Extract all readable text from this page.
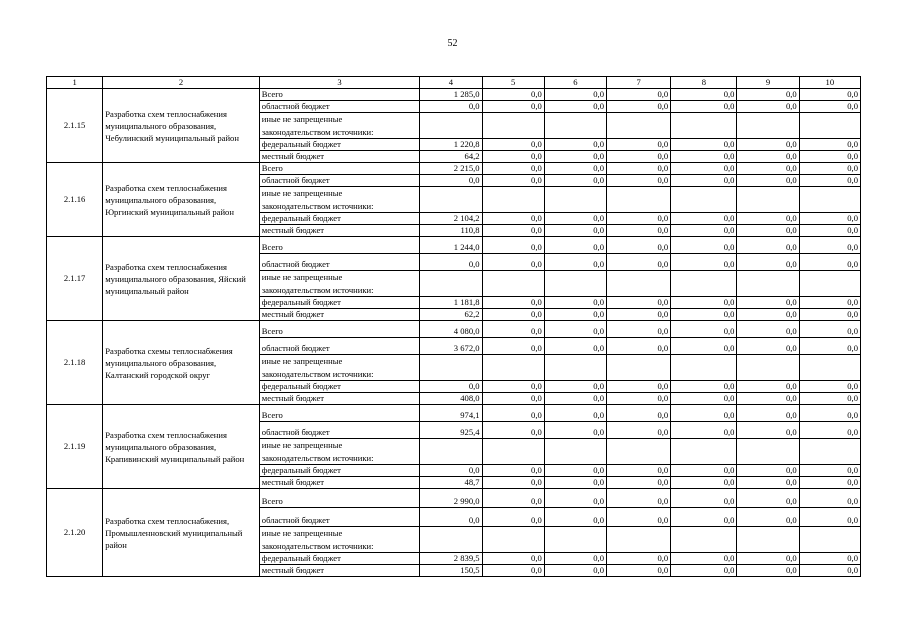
52
1	2	3	4	5	6	7	8	9	10
2.1.15	Разработка схем теплоснабжения муниципального образования, Чебулинский муниципальный район	Всего	1 285,0	0,0	0,0	0,0	0,0	0,0	0,0
		областной бюджет	0,0	0,0	0,0	0,0	0,0	0,0	0,0

		иные не запрещенные
законодательством источники:							

		федеральный бюджет	1 220,8	0,0	0,0	0,0	0,0	0,0	0,0
		местный бюджет	64,2	0,0	0,0	0,0	0,0	0,0	0,0
2.1.16	Разработка схем теплоснабжения муниципального образования, Юргинский муниципальный район	Всего	2 215,0	0,0	0,0	0,0	0,0	0,0	0,0
		областной бюджет	0,0	0,0	0,0	0,0	0,0	0,0	0,0

		иные не запрещенные
законодательством источники:							

		федеральный бюджет	2 104,2	0,0	0,0	0,0	0,0	0,0	0,0
		местный бюджет	110,8	0,0	0,0	0,0	0,0	0,0	0,0
2.1.17	Разработка схем теплоснабжения муниципального образования, Яйский муниципальный район	Всего	1 244,0	0,0	0,0	0,0	0,0	0,0	0,0
		областной бюджет	0,0	0,0	0,0	0,0	0,0	0,0	0,0

		иные не запрещенные
законодательством источники:							

		федеральный бюджет	1 181,8	0,0	0,0	0,0	0,0	0,0	0,0
		местный бюджет	62,2	0,0	0,0	0,0	0,0	0,0	0,0
2.1.18	Разработка схемы теплоснабжения муниципального образования, Калтанский городской округ	Всего	4 080,0	0,0	0,0	0,0	0,0	0,0	0,0
		областной бюджет	3 672,0	0,0	0,0	0,0	0,0	0,0	0,0

		иные не запрещенные
законодательством источники:							

		федеральный бюджет	0,0	0,0	0,0	0,0	0,0	0,0	0,0
		местный бюджет	408,0	0,0	0,0	0,0	0,0	0,0	0,0
2.1.19	Разработка схем теплоснабжения муниципального образования, Крапивинский муниципальный район	Всего	974,1	0,0	0,0	0,0	0,0	0,0	0,0
		областной бюджет	925,4	0,0	0,0	0,0	0,0	0,0	0,0

		иные не запрещенные
законодательством источники:							

		федеральный бюджет	0,0	0,0	0,0	0,0	0,0	0,0	0,0
		местный бюджет	48,7	0,0	0,0	0,0	0,0	0,0	0,0
2.1.20	Разработка схем теплоснабжения, Промышленновский муниципальный район	Всего	2 990,0	0,0	0,0	0,0	0,0	0,0	0,0
		областной бюджет	0,0	0,0	0,0	0,0	0,0	0,0	0,0

		иные не запрещенные
законодательством источники:							

		федеральный бюджет	2 839,5	0,0	0,0	0,0	0,0	0,0	0,0
		местный бюджет	150,5	0,0	0,0	0,0	0,0	0,0	0,0
